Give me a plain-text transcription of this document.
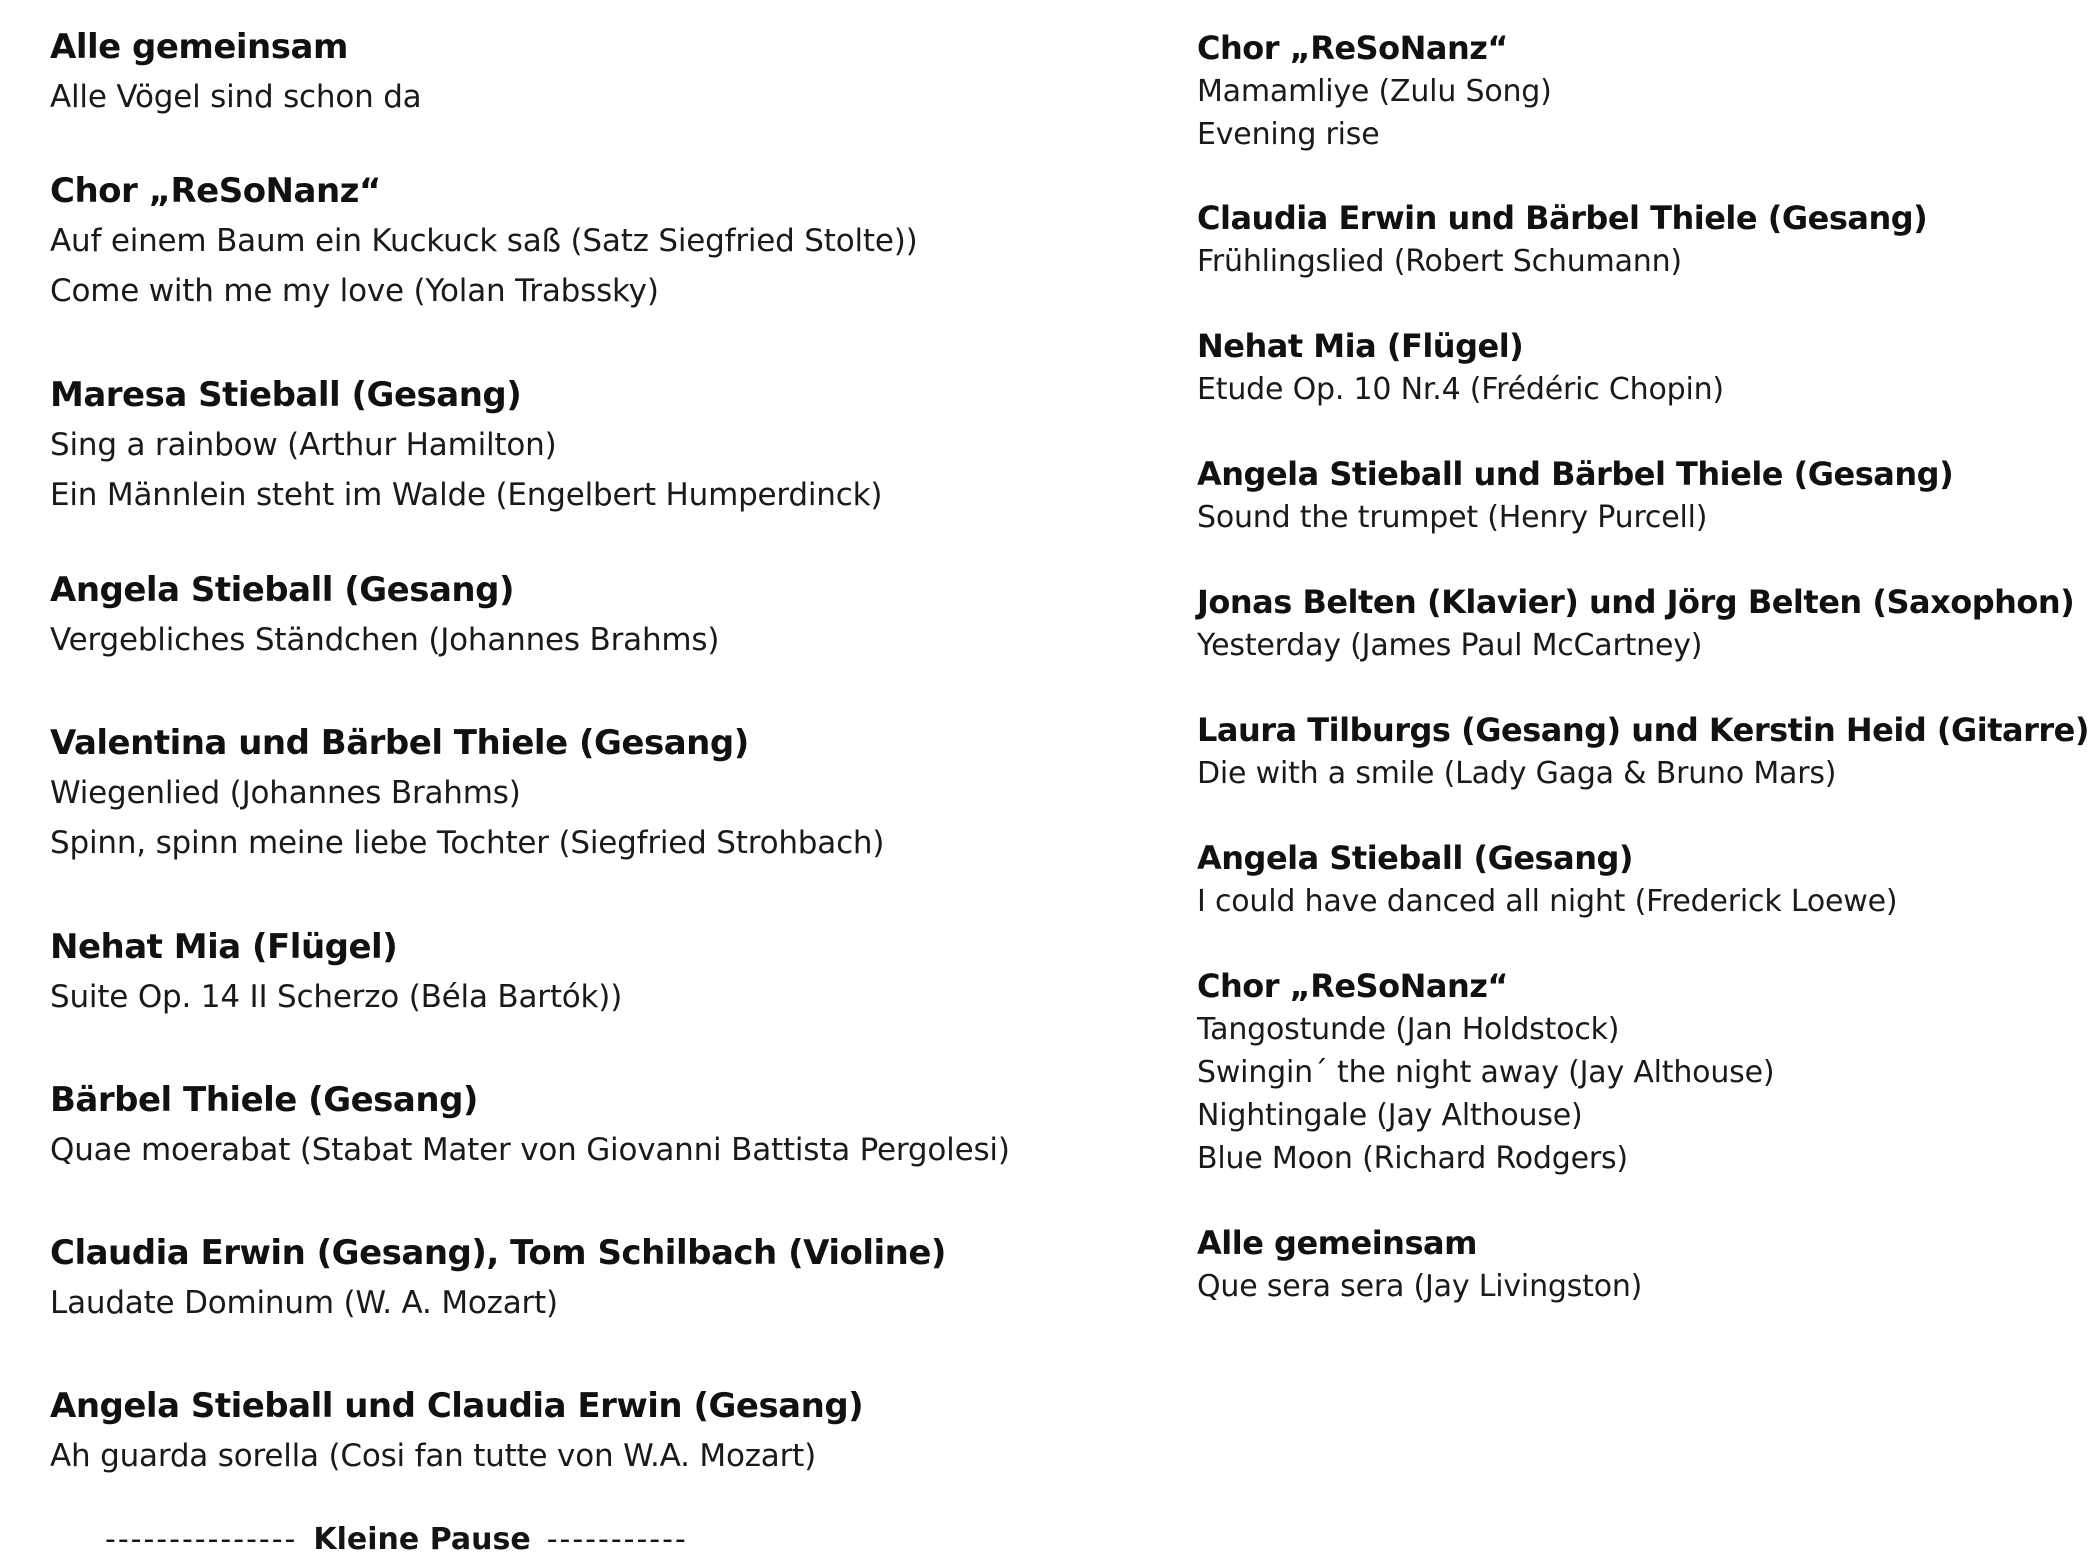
Alle gemeinsam
Alle Vögel sind schon da
Chor „ReSoNanz“
Auf einem Baum ein Kuckuck saß (Satz Siegfried Stolte))
Come with me my love (Yolan Trabssky)
Maresa Stieball (Gesang)
Sing a rainbow (Arthur Hamilton)
Ein Männlein steht im Walde (Engelbert Humperdinck)
Angela Stieball (Gesang)
Vergebliches Ständchen (Johannes Brahms)
Valentina und Bärbel Thiele (Gesang)
Wiegenlied (Johannes Brahms)
Spinn, spinn meine liebe Tochter (Siegfried Strohbach)
Nehat Mia (Flügel)
Suite Op. 14 II Scherzo (Béla Bartók))
Bärbel Thiele (Gesang)
Quae moerabat (Stabat Mater von Giovanni Battista Pergolesi)
Claudia Erwin (Gesang), Tom Schilbach (Violine)
Laudate Dominum (W. A. Mozart)
Angela Stieball und Claudia Erwin (Gesang)
Ah guarda sorella (Cosi fan tutte von W.A. Mozart)
--------------- Kleine Pause -----------
Chor „ReSoNanz“
Mamamliye (Zulu Song)
Evening rise
Claudia Erwin und Bärbel Thiele (Gesang)
Frühlingslied (Robert Schumann)
Nehat Mia (Flügel)
Etude Op. 10 Nr.4 (Frédéric Chopin)
Angela Stieball und Bärbel Thiele (Gesang)
Sound the trumpet (Henry Purcell)
Jonas Belten (Klavier) und Jörg Belten (Saxophon)
Yesterday (James Paul McCartney)
Laura Tilburgs (Gesang) und Kerstin Heid (Gitarre)
Die with a smile (Lady Gaga & Bruno Mars)
Angela Stieball (Gesang)
I could have danced all night (Frederick Loewe)
Chor „ReSoNanz“
Tangostunde (Jan Holdstock)
Swingin´ the night away (Jay Althouse)
Nightingale (Jay Althouse)
Blue Moon (Richard Rodgers)
Alle gemeinsam
Que sera sera (Jay Livingston)
